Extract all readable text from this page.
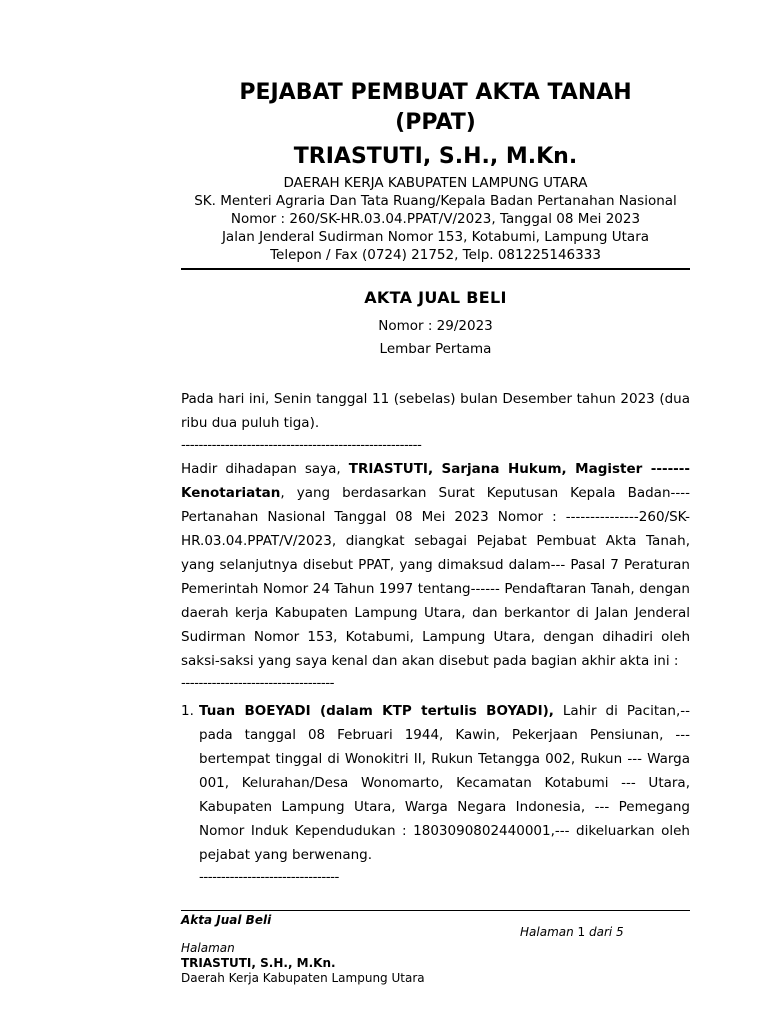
PEJABAT PEMBUAT AKTA TANAH
(PPAT)
TRIASTUTI, S.H., M.Kn.
DAERAH KERJA KABUPATEN LAMPUNG UTARA
SK. Menteri Agraria Dan Tata Ruang/Kepala Badan Pertanahan Nasional
Nomor : 260/SK-HR.03.04.PPAT/V/2023, Tanggal 08 Mei 2023
Jalan Jenderal Sudirman Nomor 153, Kotabumi, Lampung Utara
Telepon / Fax (0724) 21752, Telp. 081225146333
AKTA JUAL BELI
Nomor : 29/2023
Lembar Pertama

Pada hari ini, Senin tanggal 11 (sebelas) bulan Desember tahun 2023 (dua ribu dua puluh tiga).
-------------------------------------------------------

Hadir dihadapan saya, TRIASTUTI, Sarjana Hukum, Magister ------- Kenotariatan, yang berdasarkan Surat Keputusan Kepala Badan---- Pertanahan Nasional Tanggal 08 Mei 2023 Nomor : ---------------260/SK-HR.03.04.PPAT/V/2023, diangkat sebagai Pejabat Pembuat Akta Tanah, yang selanjutnya disebut PPAT, yang dimaksud dalam--- Pasal 7 Peraturan Pemerintah Nomor 24 Tahun 1997 tentang------ Pendaftaran Tanah, dengan daerah kerja Kabupaten Lampung Utara, dan berkantor di Jalan Jenderal Sudirman Nomor 153, Kotabumi, Lampung Utara, dengan dihadiri oleh saksi-saksi yang saya kenal dan akan disebut pada bagian akhir akta ini :
-----------------------------------

1. Tuan BOEYADI (dalam KTP tertulis BOYADI), Lahir di Pacitan,-- pada tanggal 08 Februari 1944, Kawin, Pekerjaan Pensiunan, --- bertempat tinggal di Wonokitri II, Rukun Tetangga 002, Rukun --- Warga 001, Kelurahan/Desa Wonomarto, Kecamatan Kotabumi --- Utara, Kabupaten Lampung Utara, Warga Negara Indonesia, --- Pemegang Nomor Induk Kependudukan : 1803090802440001,--- dikeluarkan oleh pejabat yang berwenang.
--------------------------------

Akta Jual Beli
Halaman 1 dari 5
Halaman
TRIASTUTI, S.H., M.Kn.
Daerah Kerja Kabupaten Lampung Utara
